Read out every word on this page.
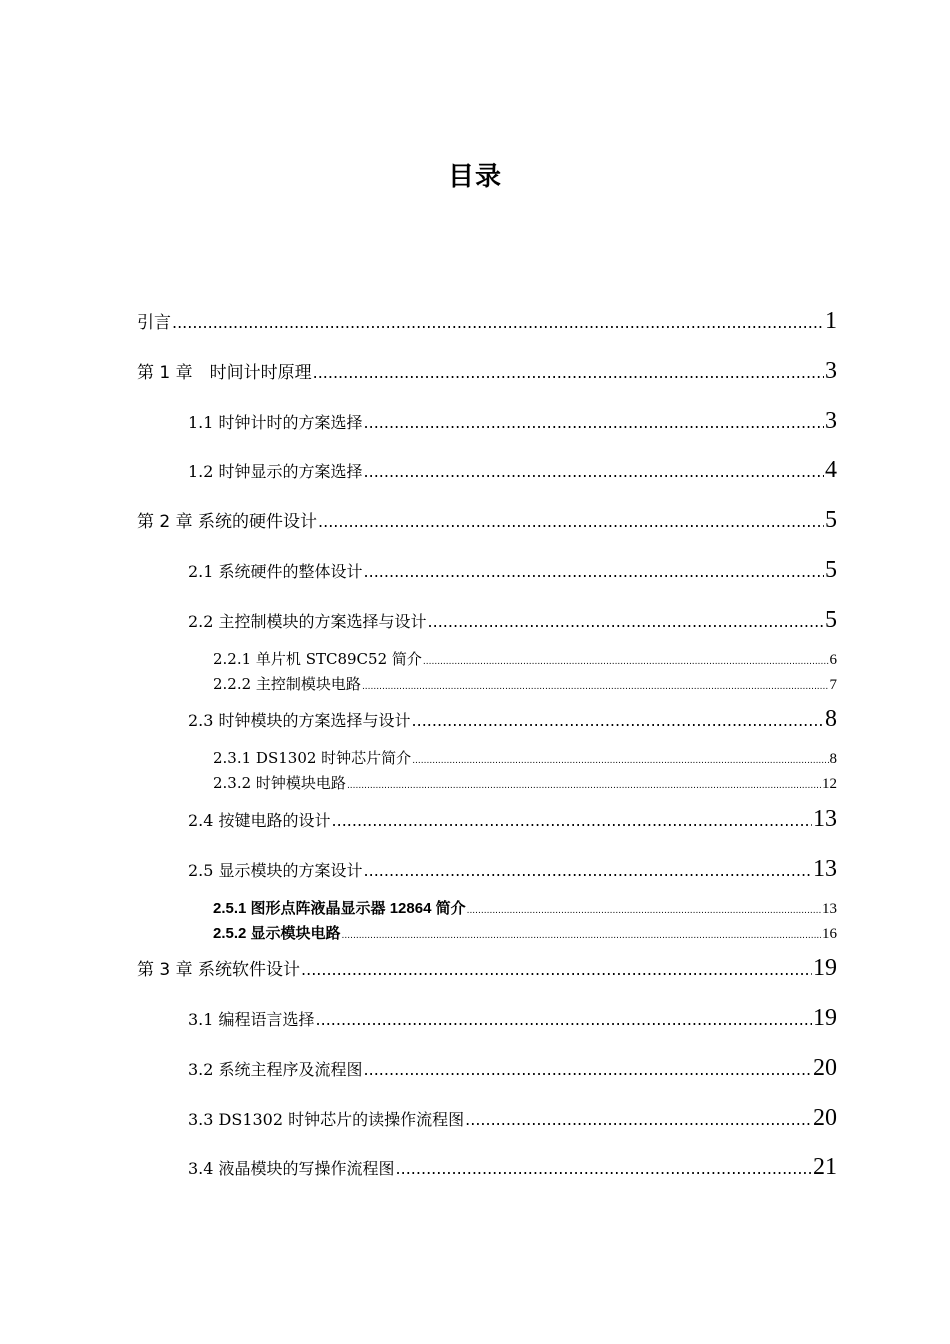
目录
引言 .....	1
第 1 章　时间计时原理 .....	3
1.1 时钟计时的方案选择 .....	3
1.2 时钟显示的方案选择 .....	4
第 2 章 系统的硬件设计 .....	5
2.1 系统硬件的整体设计 .....	5
2.2 主控制模块的方案选择与设计 .....	5
2.2.1 单片机 STC89C52 简介 .....	6
2.2.2 主控制模块电路 .....	7
2.3 时钟模块的方案选择与设计 .....	8
2.3.1 DS1302 时钟芯片简介 .....	8
2.3.2 时钟模块电路 .....	12
2.4 按键电路的设计 .....	13
2.5 显示模块的方案设计 .....	13
2.5.1 图形点阵液晶显示器 12864 简介 .....	13
2.5.2 显示模块电路 .....	16
第 3 章 系统软件设计 .....	19
3.1 编程语言选择 .....	19
3.2 系统主程序及流程图 .....	20
3.3 DS1302 时钟芯片的读操作流程图 .....	20
3.4 液晶模块的写操作流程图 .....	21
